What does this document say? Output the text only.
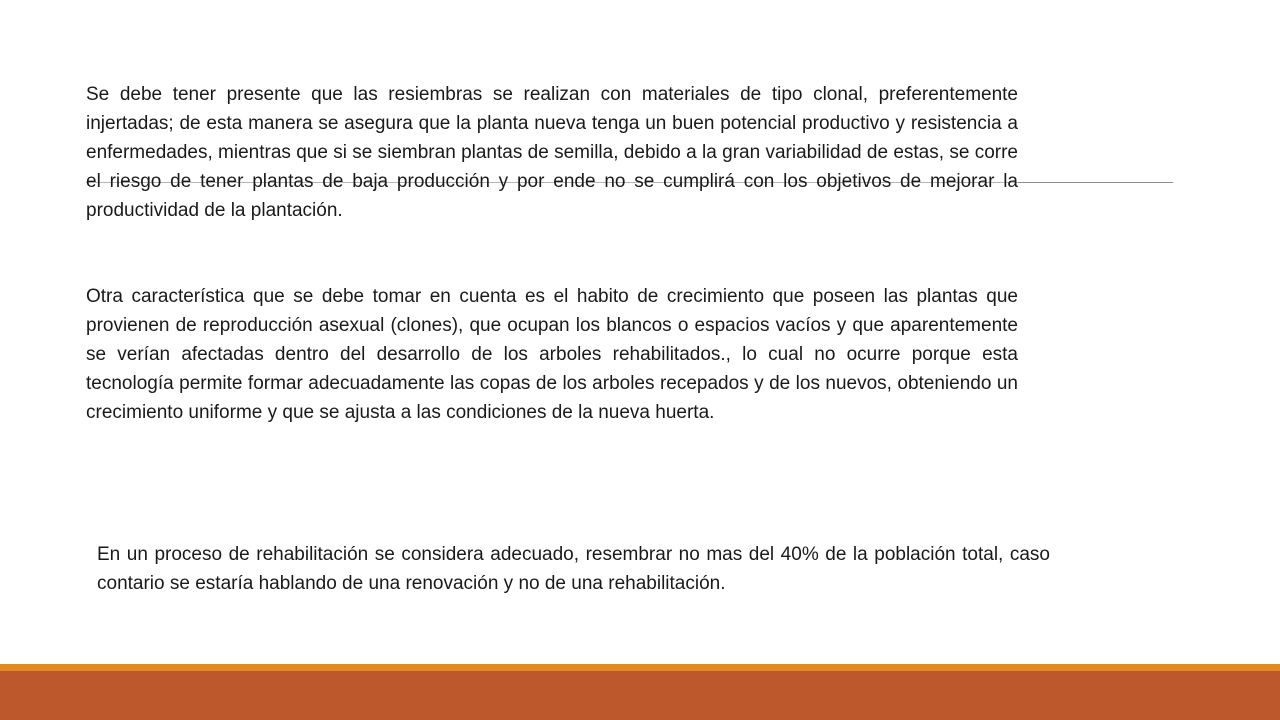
Se debe tener presente que las resiembras se realizan con materiales de tipo clonal, preferentemente injertadas; de esta manera se asegura que la planta nueva tenga un buen potencial productivo y resistencia a enfermedades, mientras que si se siembran plantas de semilla, debido a la gran variabilidad de estas, se corre el riesgo de tener plantas de baja producción y por ende no se cumplirá con los objetivos de mejorar la productividad de la plantación.

Otra característica que se debe tomar en cuenta es el habito de crecimiento que poseen las plantas que provienen de reproducción asexual (clones), que ocupan los blancos o espacios vacíos y que aparentemente se verían afectadas dentro del desarrollo de los arboles rehabilitados., lo cual no ocurre porque esta tecnología permite formar adecuadamente las copas de los arboles recepados y de los nuevos, obteniendo un crecimiento uniforme y que se ajusta a las condiciones de la nueva huerta.

En un proceso de rehabilitación se considera adecuado, resembrar no mas del 40% de la población total, caso contario se estaría hablando de una renovación y no de una rehabilitación.
